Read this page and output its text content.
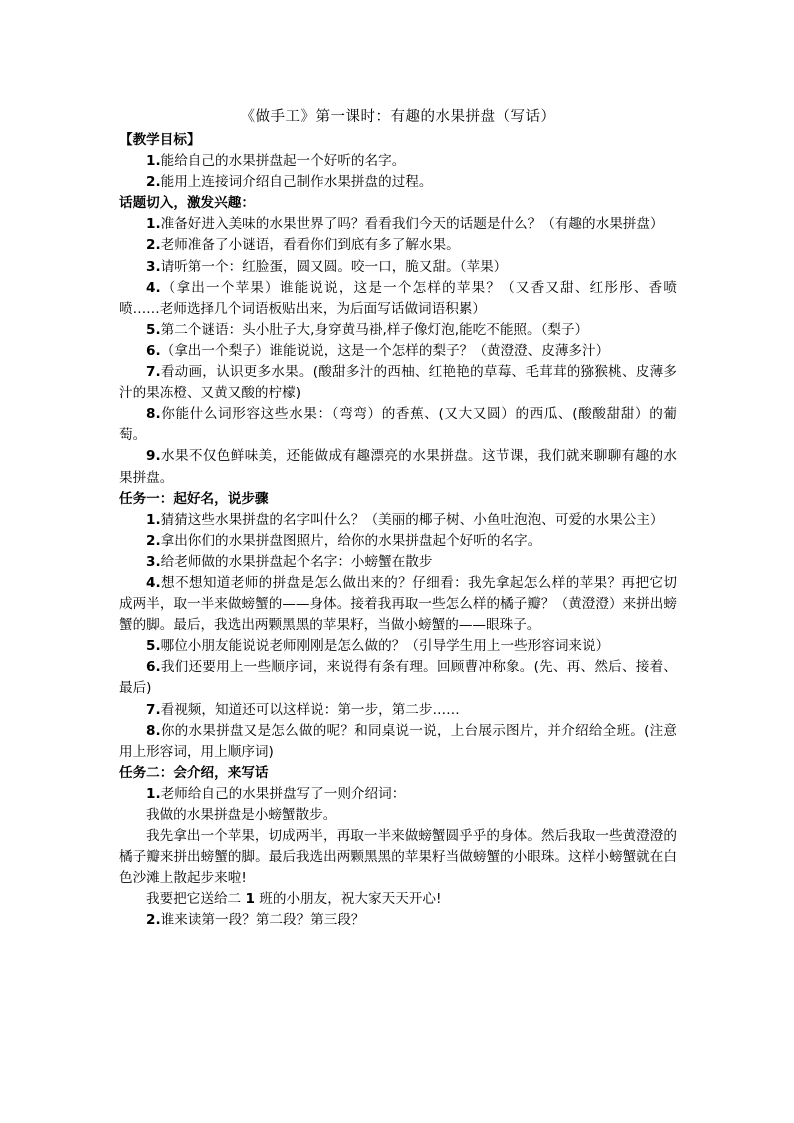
《做手工》第一课时：有趣的水果拼盘（写话）
【教学目标】
1.能给自己的水果拼盘起一个好听的名字。
2.能用上连接词介绍自己制作水果拼盘的过程。
话题切入，激发兴趣：
1.准备好进入美味的水果世界了吗？看看我们今天的话题是什么？（有趣的水果拼盘）
2.老师准备了小谜语，看看你们到底有多了解水果。
3.请听第一个：红脸蛋，圆又圆。咬一口，脆又甜。（苹果）
4.（拿出一个苹果）谁能说说，这是一个怎样的苹果？（又香又甜、红彤彤、香喷喷……老师选择几个词语板贴出来，为后面写话做词语积累）
5.第二个谜语：头小肚子大,身穿黄马褂,样子像灯泡,能吃不能照。（梨子）
6.（拿出一个梨子）谁能说说，这是一个怎样的梨子？（黄澄澄、皮薄多汁）
7.看动画，认识更多水果。(酸甜多汁的西柚、红艳艳的草莓、毛茸茸的猕猴桃、皮薄多汁的果冻橙、又黄又酸的柠檬)
8.你能什么词形容这些水果：（弯弯）的香蕉、(又大又圆）的西瓜、(酸酸甜甜）的葡萄。
9.水果不仅色鲜味美，还能做成有趣漂亮的水果拼盘。这节课，我们就来聊聊有趣的水果拼盘。
任务一：起好名，说步骤
1.猜猜这些水果拼盘的名字叫什么？（美丽的椰子树、小鱼吐泡泡、可爱的水果公主）
2.拿出你们的水果拼盘图照片，给你的水果拼盘起个好听的名字。
3.给老师做的水果拼盘起个名字：小螃蟹在散步
4.想不想知道老师的拼盘是怎么做出来的？仔细看：我先拿起怎么样的苹果？再把它切成两半，取一半来做螃蟹的——身体。接着我再取一些怎么样的橘子瓣？（黄澄澄）来拼出螃蟹的脚。最后，我选出两颗黑黑的苹果籽，当做小螃蟹的——眼珠子。
5.哪位小朋友能说说老师刚刚是怎么做的？（引导学生用上一些形容词来说）
6.我们还要用上一些顺序词，来说得有条有理。回顾曹冲称象。(先、再、然后、接着、最后)
7.看视频，知道还可以这样说：第一步，第二步……
8.你的水果拼盘又是怎么做的呢？和同桌说一说，上台展示图片，并介绍给全班。(注意用上形容词，用上顺序词)
任务二：会介绍，来写话
1.老师给自己的水果拼盘写了一则介绍词：
我做的水果拼盘是小螃蟹散步。
我先拿出一个苹果，切成两半，再取一半来做螃蟹圆乎乎的身体。然后我取一些黄澄澄的橘子瓣来拼出螃蟹的脚。最后我选出两颗黑黑的苹果籽当做螃蟹的小眼珠。这样小螃蟹就在白色沙滩上散起步来啦!
我要把它送给二 1 班的小朋友，祝大家天天开心!
2.谁来读第一段？第二段？第三段？
